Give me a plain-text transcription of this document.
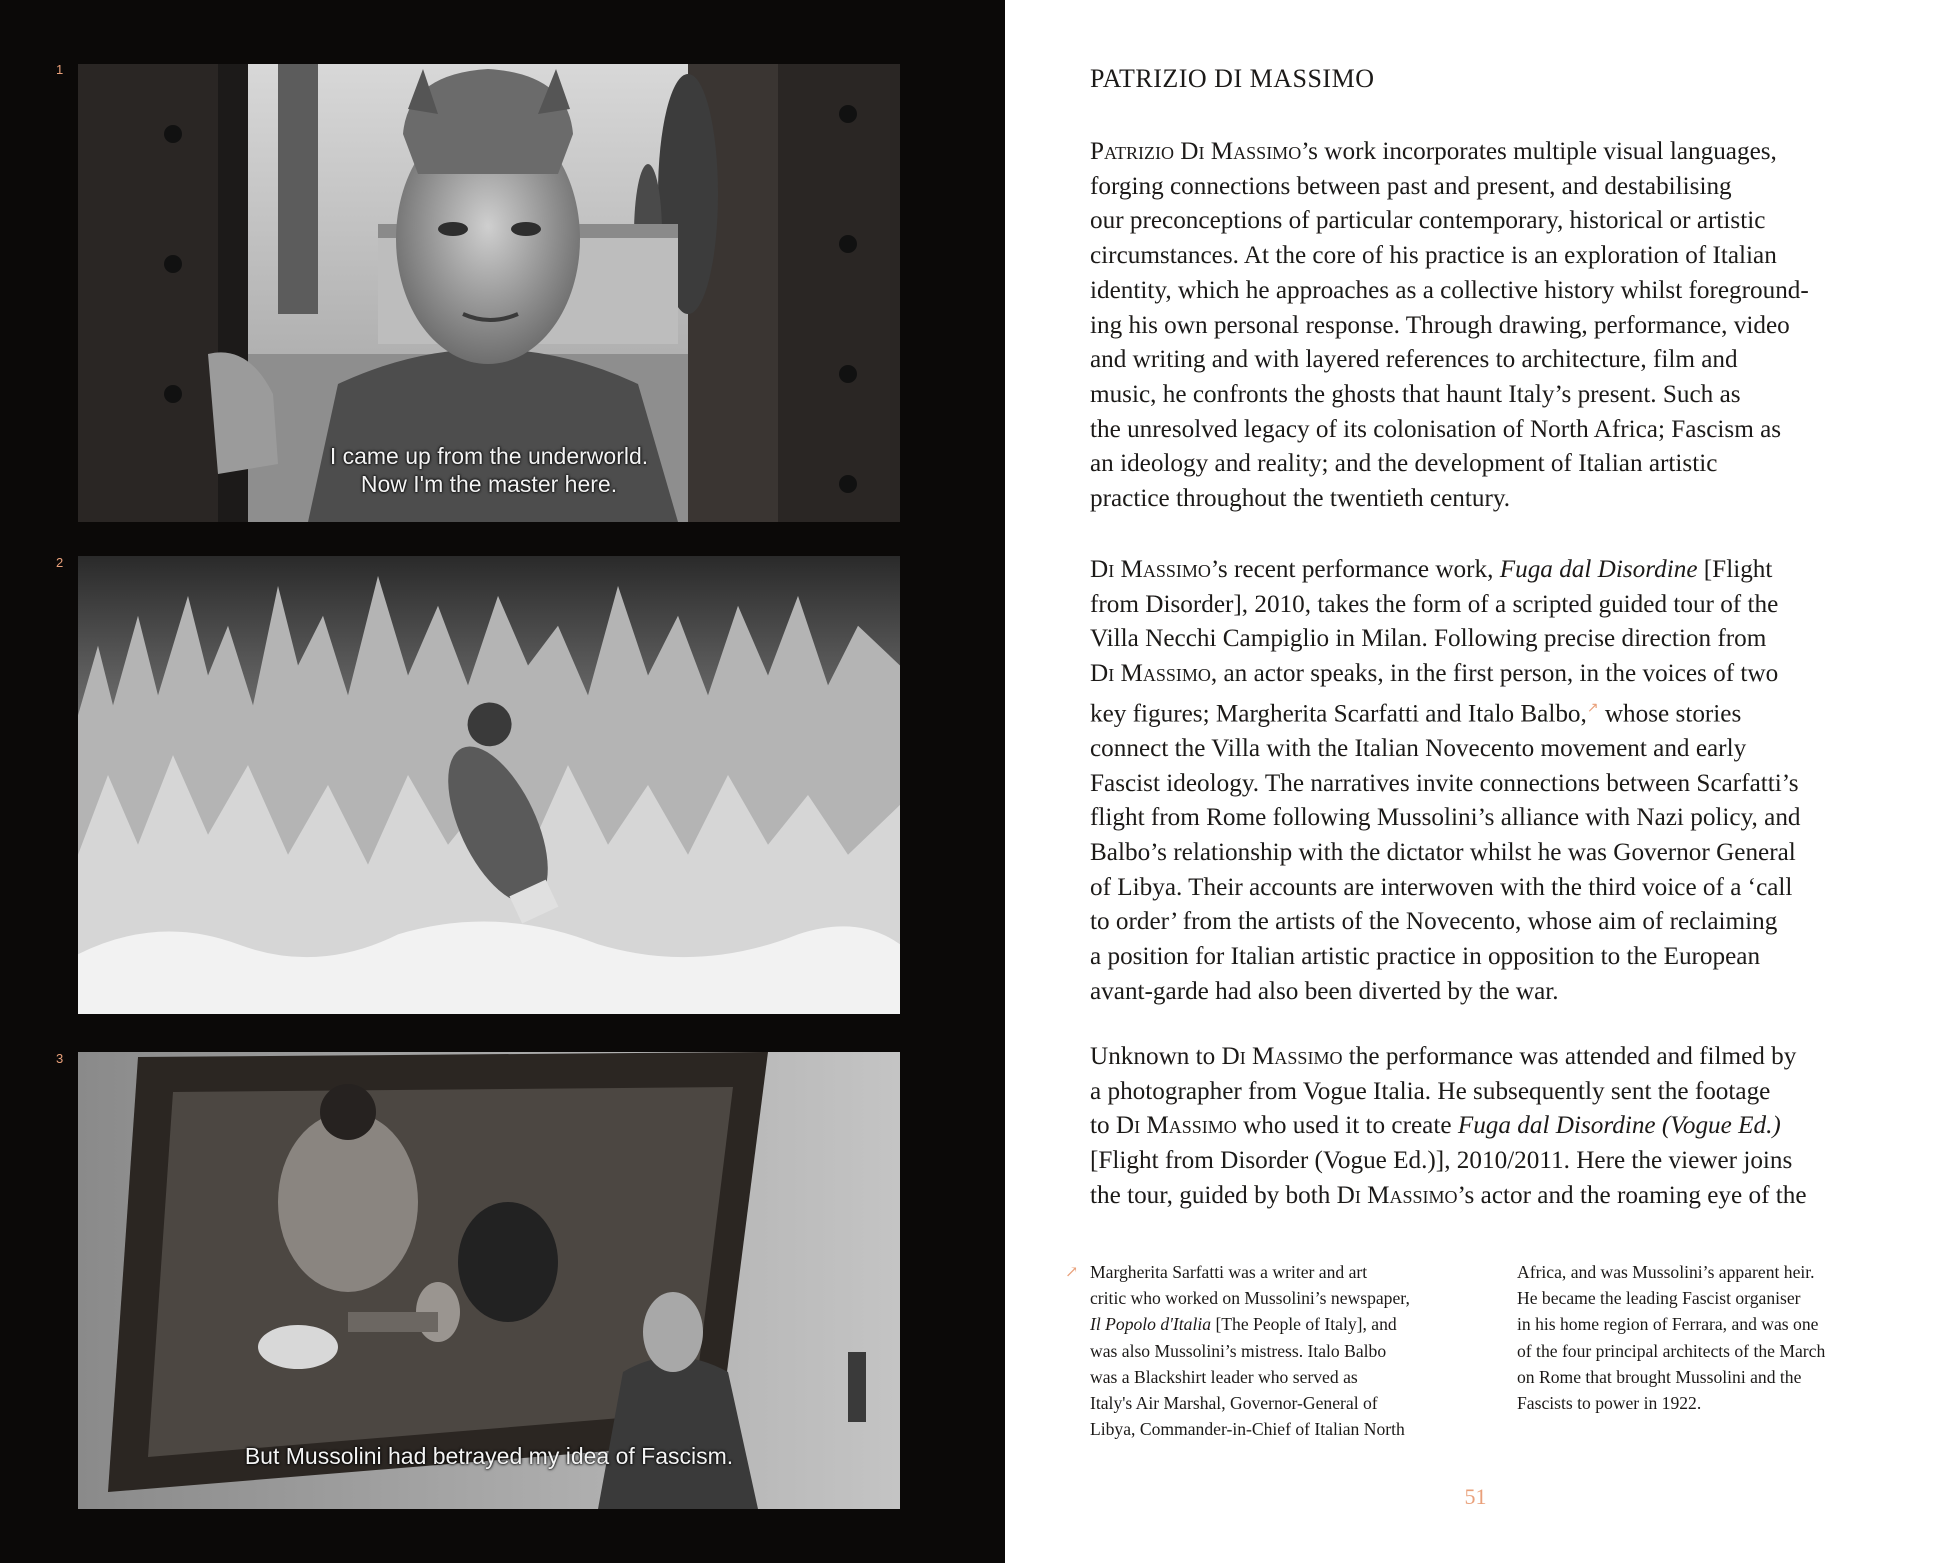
1
I came up from the underworld.
Now I'm the master here.
2
3
But Mussolini had betrayed my idea of Fascism.
PATRIZIO DI MASSIMO
Patrizio Di Massimo’s work incorporates multiple visual languages,
forging connections between past and present, and destabilising
our preconceptions of particular contemporary, historical or artistic
circumstances. At the core of his practice is an exploration of Italian
identity, which he approaches as a collective history whilst foreground-
ing his own personal response. Through drawing, performance, video
and writing and with layered references to architecture, film and
music, he confronts the ghosts that haunt Italy’s present. Such as
the unresolved legacy of its colonisation of North Africa; Fascism as
an ideology and reality; and the development of Italian artistic
practice throughout the twentieth century.
Di Massimo’s recent performance work, Fuga dal Disordine [Flight
from Disorder], 2010, takes the form of a scripted guided tour of the
Villa Necchi Campiglio in Milan. Following precise direction from
Di Massimo, an actor speaks, in the first person, in the voices of two
key figures; Margherita Scarfatti and Italo Balbo,↗ whose stories
connect the Villa with the Italian Novecento movement and early
Fascist ideology. The narratives invite connections between Scarfatti’s
flight from Rome following Mussolini’s alliance with Nazi policy, and
Balbo’s relationship with the dictator whilst he was Governor General
of Libya. Their accounts are interwoven with the third voice of a ‘call
to order’ from the artists of the Novecento, whose aim of reclaiming
a position for Italian artistic practice in opposition to the European
avant-garde had also been diverted by the war.
Unknown to Di Massimo the performance was attended and filmed by
a photographer from Vogue Italia. He subsequently sent the footage
to Di Massimo who used it to create Fuga dal Disordine (Vogue Ed.)
[Flight from Disorder (Vogue Ed.)], 2010/2011. Here the viewer joins
the tour, guided by both Di Massimo’s actor and the roaming eye of the
↗ Margherita Sarfatti was a writer and art
critic who worked on Mussolini’s newspaper,
Il Popolo d'Italia [The People of Italy], and
was also Mussolini’s mistress. Italo Balbo
was a Blackshirt leader who served as
Italy's Air Marshal, Governor-General of
Libya, Commander-in-Chief of Italian North
Africa, and was Mussolini’s apparent heir.
He became the leading Fascist organiser
in his home region of Ferrara, and was one
of the four principal architects of the March
on Rome that brought Mussolini and the
Fascists to power in 1922.
51
